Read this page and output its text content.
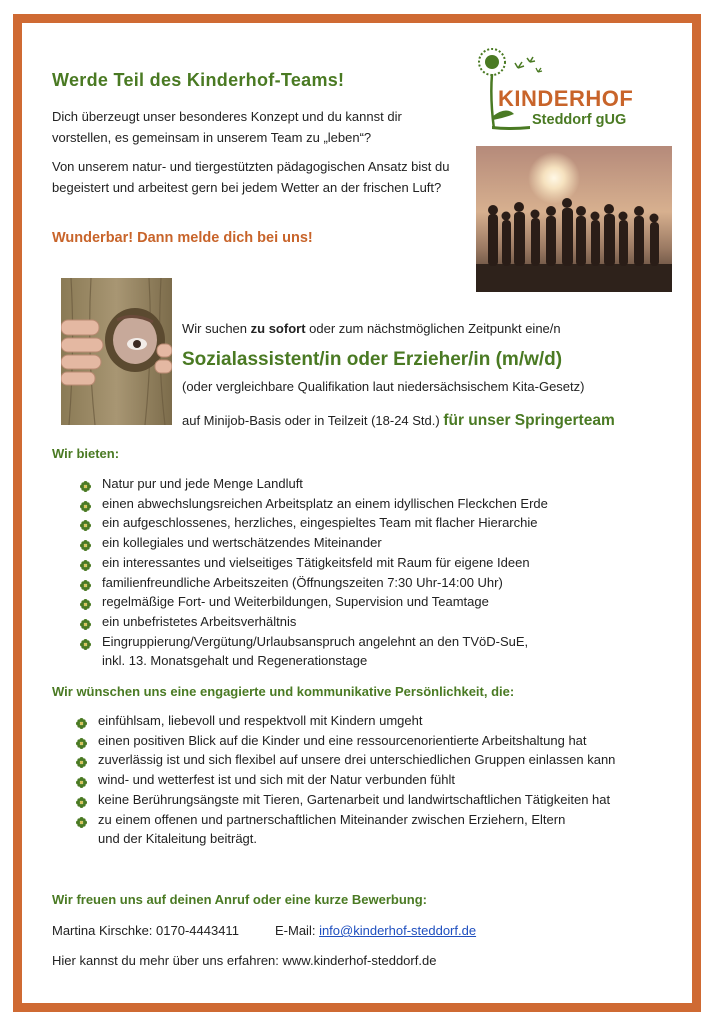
Werde Teil des Kinderhof-Teams!
Dich überzeugt unser besonderes Konzept und du kannst dir vorstellen, es gemeinsam in unserem Team zu „leben“?
Von unserem natur- und tiergestützten pädagogischen Ansatz bist du begeistert und arbeitest gern bei jedem Wetter an der frischen Luft?
Wunderbar! Dann melde dich bei uns!
KINDERHOF
Steddorf gUG
Wir suchen zu sofort oder zum nächstmöglichen Zeitpunkt eine/n
Sozialassistent/in oder Erzieher/in (m/w/d)
(oder vergleichbare Qualifikation laut niedersächsischem Kita-Gesetz)
auf Minijob-Basis oder in Teilzeit (18-24 Std.) für unser Springerteam
Wir bieten:
Natur pur und jede Menge Landluft
einen abwechslungsreichen Arbeitsplatz an einem idyllischen Fleckchen Erde
ein aufgeschlossenes, herzliches, eingespieltes Team mit flacher Hierarchie
ein kollegiales und wertschätzendes Miteinander
ein interessantes und vielseitiges Tätigkeitsfeld mit Raum für eigene Ideen
familienfreundliche Arbeitszeiten (Öffnungszeiten 7:30 Uhr-14:00 Uhr)
regelmäßige Fort- und Weiterbildungen, Supervision und Teamtage
ein unbefristetes Arbeitsverhältnis
Eingruppierung/Vergütung/Urlaubsanspruch angelehnt an den TVöD-SuE,
inkl. 13. Monatsgehalt und Regenerationstage
Wir wünschen uns eine engagierte und kommunikative Persönlichkeit, die:
einfühlsam, liebevoll und respektvoll mit Kindern umgeht
einen positiven Blick auf die Kinder und eine ressourcenorientierte Arbeitshaltung hat
zuverlässig ist und sich flexibel auf unsere drei unterschiedlichen Gruppen einlassen kann
wind- und wetterfest ist und sich mit der Natur verbunden fühlt
keine Berührungsängste mit Tieren, Gartenarbeit und landwirtschaftlichen Tätigkeiten hat
zu einem offenen und partnerschaftlichen Miteinander zwischen Erziehern, Eltern
und der Kitaleitung beiträgt.
Wir freuen uns auf deinen Anruf oder eine kurze Bewerbung:
Martina Kirschke: 0170-4443411	E-Mail: info@kinderhof-steddorf.de
Hier kannst du mehr über uns erfahren: www.kinderhof-steddorf.de
